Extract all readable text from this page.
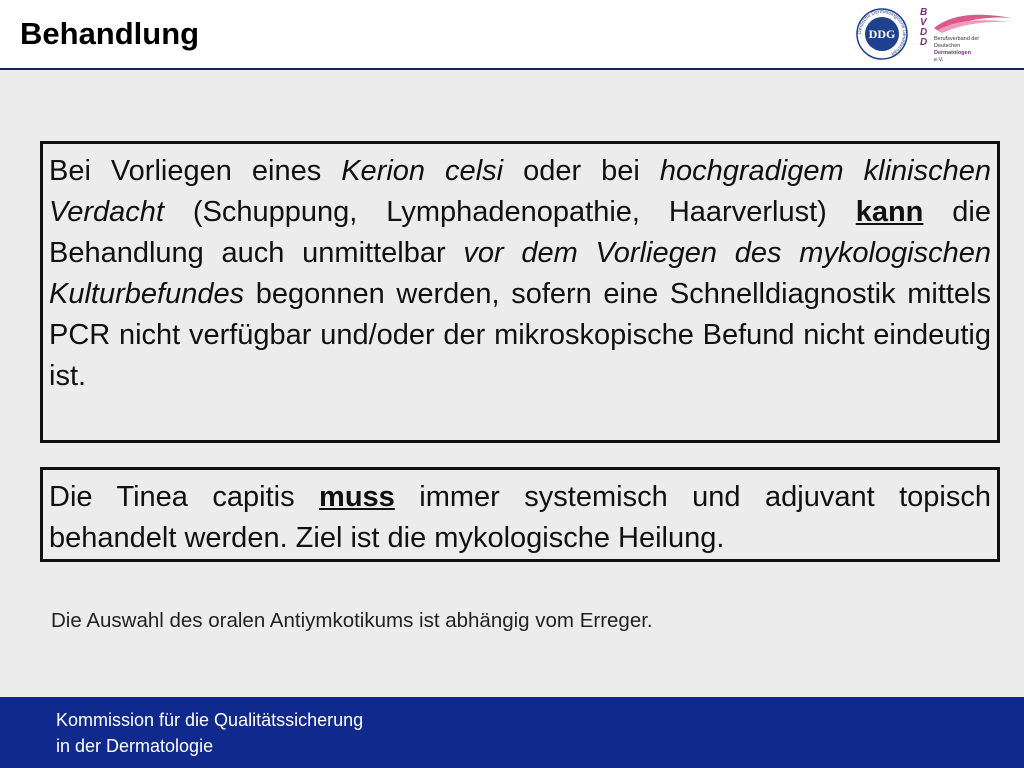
Behandlung	Deutsche Dermatologische Gesellschaft
DDG
B
V
D
D	Berufsverband der
Deutschen
Dermatologen
e.V.
Bei Vorliegen eines Kerion celsi oder bei hochgradigem klinischen Verdacht (Schuppung, Lymphadenopathie, Haarverlust) kann die Behandlung auch unmittelbar vor dem Vorliegen des mykologischen Kulturbefundes begonnen werden, sofern eine Schnelldiagnostik mittels PCR nicht verfügbar und/oder der mikroskopische Befund nicht eindeutig ist.
Die Tinea capitis muss immer systemisch und adjuvant topisch behandelt werden. Ziel ist die mykologische Heilung.
Die Auswahl des oralen Antiymkotikums ist abhängig vom Erreger.
Kommission für die Qualitätssicherung
in der Dermatologie
